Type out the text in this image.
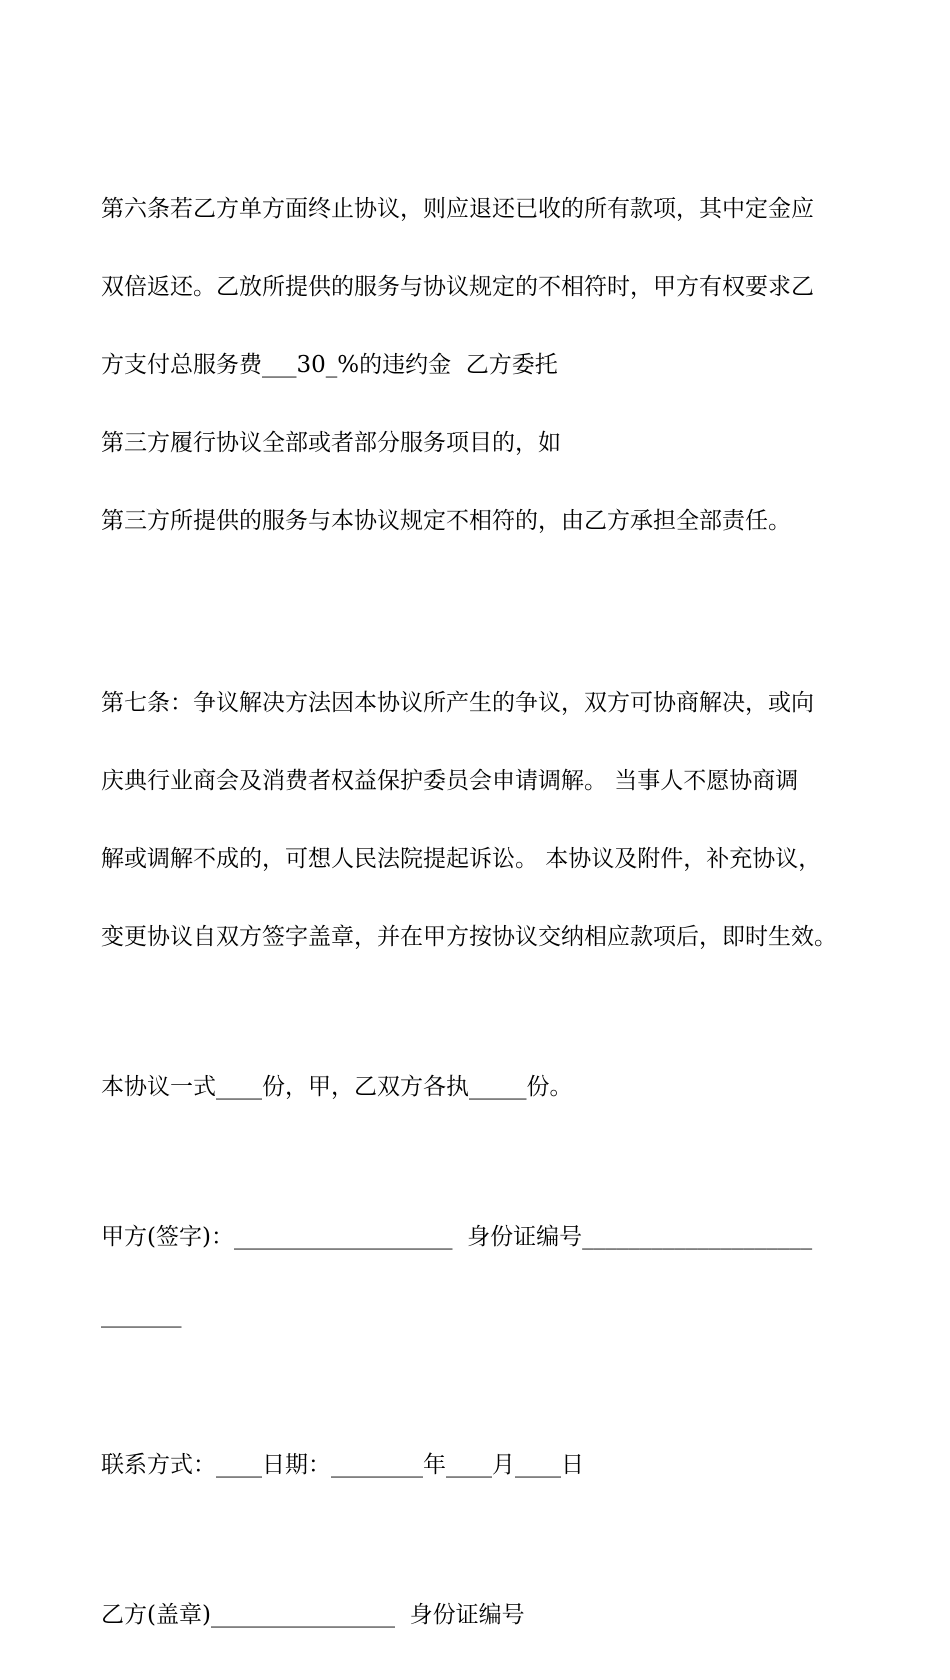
第六条若乙方单方面终止协议，则应退还已收的所有款项，其中定金应

双倍返还。乙放所提供的服务与协议规定的不相符时，甲方有权要求乙

方支付总服务费___30_%的违约金  乙方委托

第三方履行协议全部或者部分服务项目的，如

第三方所提供的服务与本协议规定不相符的，由乙方承担全部责任。

第七条：争议解决方法因本协议所产生的争议，双方可协商解决，或向

庆典行业商会及消费者权益保护委员会申请调解。 当事人不愿协商调

解或调解不成的，可想人民法院提起诉讼。 本协议及附件，补充协议，

变更协议自双方签字盖章，并在甲方按协议交纳相应款项后，即时生效。

本协议一式____份，甲，乙双方各执_____份。

甲方(签字)：___________________  身份证编号____________________

_______

联系方式：____日期：________年____月____日

乙方(盖章)________________  身份证编号
